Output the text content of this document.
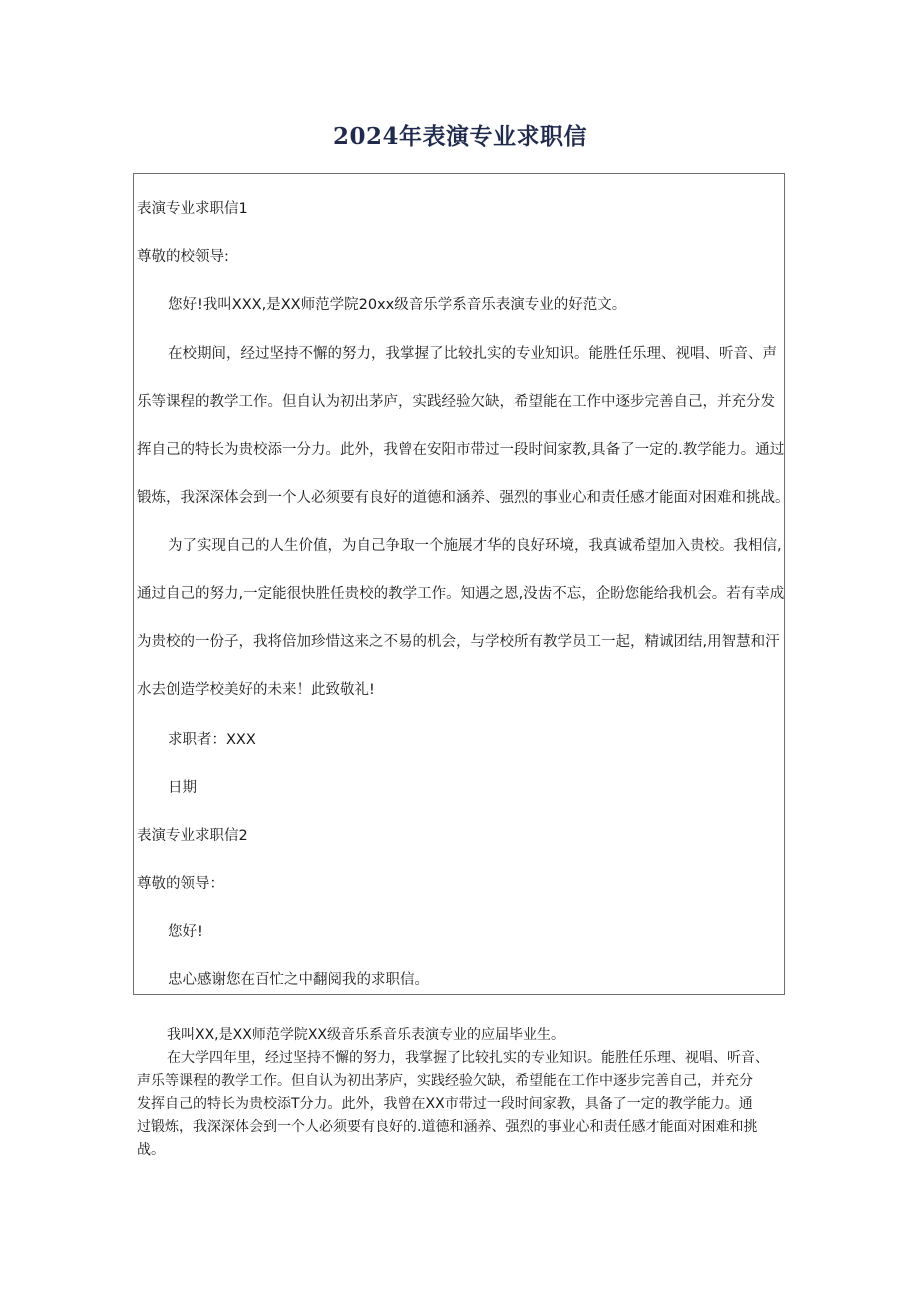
2024年表演专业求职信
表演专业求职信1
尊敬的校领导:
您好!我叫XXX,是XX师范学院20xx级音乐学系音乐表演专业的好范文。
在校期间，经过坚持不懈的努力，我掌握了比较扎实的专业知识。能胜任乐理、视唱、听音、声
乐等课程的教学工作。但自认为初出茅庐，实践经验欠缺，希望能在工作中逐步完善自己，并充分发
挥自己的特长为贵校添一分力。此外，我曾在安阳市带过一段时间家教,具备了一定的.教学能力。通过
锻炼，我深深体会到一个人必须要有良好的道德和涵养、强烈的事业心和责任感才能面对困难和挑战。
为了实现自己的人生价值，为自己争取一个施展才华的良好环境，我真诚希望加入贵校。我相信,
通过自己的努力,一定能很快胜任贵校的教学工作。知遇之恩,没齿不忘，企盼您能给我机会。若有幸成
为贵校的一份子，我将倍加珍惜这来之不易的机会，与学校所有教学员工一起，精诚团结,用智慧和汗
水去创造学校美好的未来！此致敬礼!
求职者：XXX
日期
表演专业求职信2
尊敬的领导：
您好!
忠心感谢您在百忙之中翻阅我的求职信。
我叫XX,是XX师范学院XX级音乐系音乐表演专业的应届毕业生。
在大学四年里，经过坚持不懈的努力，我掌握了比较扎实的专业知识。能胜任乐理、视唱、听音、
声乐等课程的教学工作。但自认为初出茅庐，实践经验欠缺，希望能在工作中逐步完善自己，并充分
发挥自己的特长为贵校添T分力。此外，我曾在XX市带过一段时间家教，具备了一定的教学能力。通
过锻炼，我深深体会到一个人必须要有良好的.道德和涵养、强烈的事业心和责任感才能面对困难和挑
战。
